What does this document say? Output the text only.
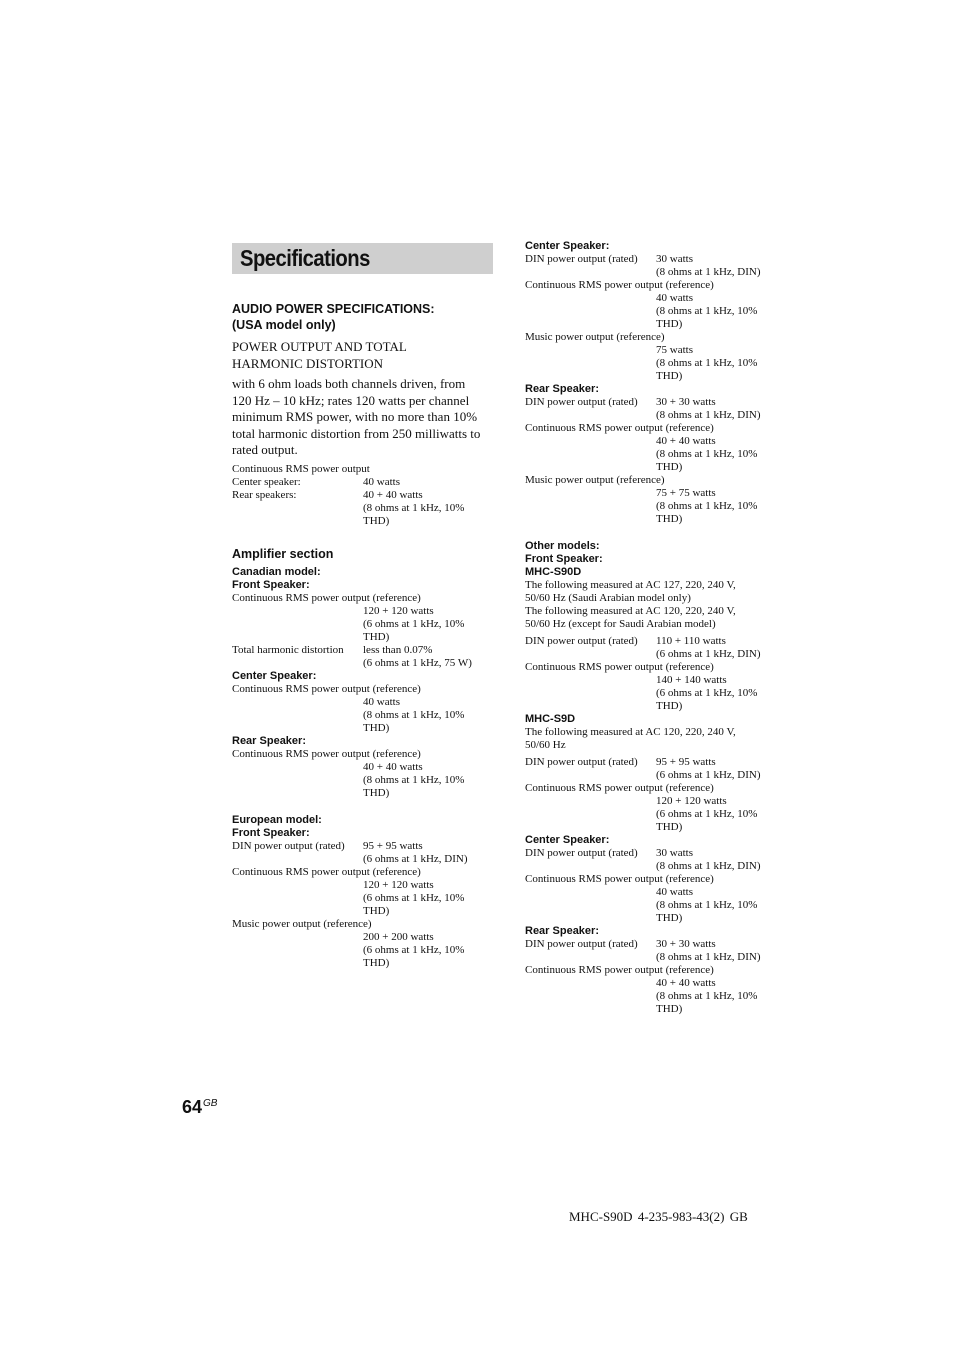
Specifications
AUDIO POWER SPECIFICATIONS:
(USA model only)
POWER OUTPUT AND TOTAL
HARMONIC DISTORTION
with 6 ohm loads both channels driven, from
120 Hz – 10 kHz; rates 120 watts per channel
minimum RMS power, with no more than 10%
total harmonic distortion from 250 milliwatts to
rated output.
Continuous RMS power output
Center speaker:	40 watts
Rear speakers:	40 + 40 watts
(8 ohms at 1 kHz, 10%
THD)
Amplifier section
Canadian model:
Front Speaker:
Continuous RMS power output (reference)
120 + 120 watts
(6 ohms at 1 kHz, 10%
THD)
Total harmonic distortion	less than 0.07%
(6 ohms at 1 kHz, 75 W)
Center Speaker:
Continuous RMS power output (reference)
40 watts
(8 ohms at 1 kHz, 10%
THD)
Rear Speaker:
Continuous RMS power output (reference)
40 + 40 watts
(8 ohms at 1 kHz, 10%
THD)
European model:
Front Speaker:
DIN power output (rated)	95 + 95 watts
(6 ohms at 1 kHz, DIN)
Continuous RMS power output (reference)
120 + 120 watts
(6 ohms at 1 kHz, 10%
THD)
Music power output (reference)
200 + 200 watts
(6 ohms at 1 kHz, 10%
THD)
Center Speaker:
DIN power output (rated)	30 watts
(8 ohms at 1 kHz, DIN)
Continuous RMS power output (reference)
40 watts
(8 ohms at 1 kHz, 10%
THD)
Music power output (reference)
75 watts
(8 ohms at 1 kHz, 10%
THD)
Rear Speaker:
DIN power output (rated)	30 + 30 watts
(8 ohms at 1 kHz, DIN)
Continuous RMS power output (reference)
40 + 40 watts
(8 ohms at 1 kHz, 10%
THD)
Music power output (reference)
75 + 75 watts
(8 ohms at 1 kHz, 10%
THD)
Other models:
Front Speaker:
MHC-S90D
The following measured at AC 127, 220, 240 V,
50/60 Hz (Saudi Arabian model only)
The following measured at AC 120, 220, 240 V,
50/60 Hz (except for Saudi Arabian model)
DIN power output (rated)	110 + 110 watts
(6 ohms at 1 kHz, DIN)
Continuous RMS power output (reference)
140 + 140 watts
(6 ohms at 1 kHz, 10%
THD)
MHC-S9D
The following measured at AC 120, 220, 240 V,
50/60 Hz
DIN power output (rated)	95 + 95 watts
(6 ohms at 1 kHz, DIN)
Continuous RMS power output (reference)
120 + 120 watts
(6 ohms at 1 kHz, 10%
THD)
Center Speaker:
DIN power output (rated)	30 watts
(8 ohms at 1 kHz, DIN)
Continuous RMS power output (reference)
40 watts
(8 ohms at 1 kHz, 10%
THD)
Rear Speaker:
DIN power output (rated)	30 + 30 watts
(8 ohms at 1 kHz, DIN)
Continuous RMS power output (reference)
40 + 40 watts
(8 ohms at 1 kHz, 10%
THD)
$64^{GB}$
MHC-S90D 4-235-983-43(2) GB
